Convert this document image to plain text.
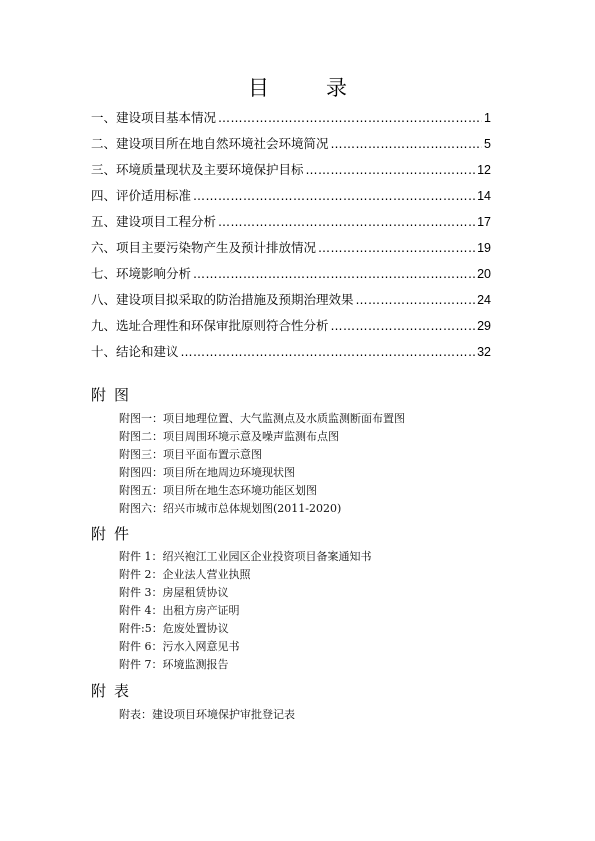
目　录
一、建设项目基本情况 …………………………………………………………………………………………………………………………………………………………	1
二、建设项目所在地自然环境社会环境简况 …………………………………………………………………………………………………………………………………………………………	5
三、环境质量现状及主要环境保护目标 …………………………………………………………………………………………………………………………………………………………	12
四、评价适用标准 …………………………………………………………………………………………………………………………………………………………	14
五、建设项目工程分析 …………………………………………………………………………………………………………………………………………………………	17
六、项目主要污染物产生及预计排放情况 …………………………………………………………………………………………………………………………………………………………	19
七、环境影响分析 …………………………………………………………………………………………………………………………………………………………	20
八、建设项目拟采取的防治措施及预期治理效果 …………………………………………………………………………………………………………………………………………………………	24
九、选址合理性和环保审批原则符合性分析 …………………………………………………………………………………………………………………………………………………………	29
十、结论和建议 …………………………………………………………………………………………………………………………………………………………	32
附图
附图一：项目地理位置、大气监测点及水质监测断面布置图
附图二：项目周围环境示意及噪声监测布点图
附图三：项目平面布置示意图
附图四：项目所在地周边环境现状图
附图五：项目所在地生态环境功能区划图
附图六：绍兴市城市总体规划图(2011-2020)
附件
附件 1：绍兴袍江工业园区企业投资项目备案通知书
附件 2：企业法人营业执照
附件 3：房屋租赁协议
附件 4：出租方房产证明
附件:5：危废处置协议
附件 6：污水入网意见书
附件 7：环境监测报告
附表
附表：建设项目环境保护审批登记表
